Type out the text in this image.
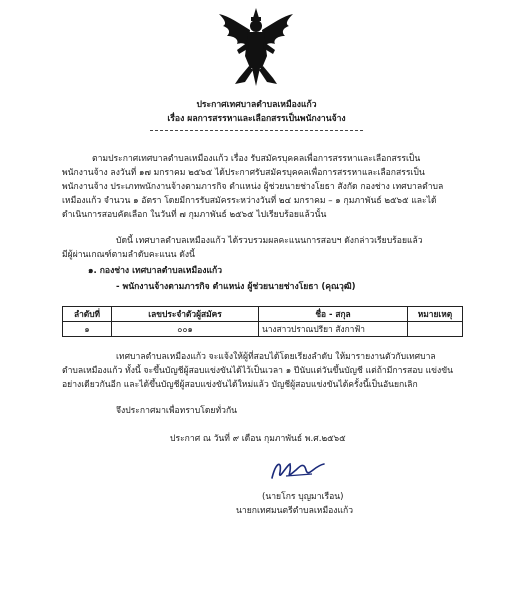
ประกาศเทศบาลตำบลเหมืองแก้ว
เรื่อง ผลการสรรหาและเลือกสรรเป็นพนักงานจ้าง
ตามประกาศเทศบาลตำบลเหมืองแก้ว เรื่อง รับสมัครบุคคลเพื่อการสรรหาและเลือกสรรเป็น
พนักงานจ้าง ลงวันที่ ๑๗ มกราคม ๒๕๖๕ ได้ประกาศรับสมัครบุคคลเพื่อการสรรหาและเลือกสรรเป็น
พนักงานจ้าง ประเภทพนักงานจ้างตามภารกิจ ตำแหน่ง ผู้ช่วยนายช่างโยธา สังกัด กองช่าง เทศบาลตำบล
เหมืองแก้ว จำนวน ๑ อัตรา โดยมีการรับสมัครระหว่างวันที่ ๒๔ มกราคม – ๑ กุมภาพันธ์ ๒๕๖๕ และได้
ดำเนินการสอบคัดเลือก ในวันที่ ๗ กุมภาพันธ์ ๒๕๖๕ ไปเรียบร้อยแล้วนั้น
บัดนี้ เทศบาลตำบลเหมืองแก้ว ได้รวบรวมผลคะแนนการสอบฯ ดังกล่าวเรียบร้อยแล้ว
มีผู้ผ่านเกณฑ์ตามลำดับคะแนน ดังนี้
๑. กองช่าง เทศบาลตำบลเหมืองแก้ว
- พนักงานจ้างตามภารกิจ ตำแหน่ง ผู้ช่วยนายช่างโยธา (คุณวุฒิ)
ลำดับที่	เลขประจำตัวผู้สมัคร	ชื่อ - สกุล	หมายเหตุ
๑	๐๐๑	นางสาวปราณปรียา สังกาฟ้า	
เทศบาลตำบลเหมืองแก้ว จะแจ้งให้ผู้ที่สอบได้โดยเรียงลำดับ ให้มารายงานตัวกับเทศบาล
ตำบลเหมืองแก้ว ทั้งนี้ จะขึ้นบัญชีผู้สอบแข่งขันได้ไว้เป็นเวลา ๑ ปีนับแต่วันขึ้นบัญชี แต่ถ้ามีการสอบ แข่งขัน
อย่างเดียวกันอีก และได้ขึ้นบัญชีผู้สอบแข่งขันได้ใหม่แล้ว บัญชีผู้สอบแข่งขันได้ครั้งนี้เป็นอันยกเลิก
จึงประกาศมาเพื่อทราบโดยทั่วกัน
ประกาศ ณ วันที่ ๙ เดือน กุมภาพันธ์ พ.ศ.๒๕๖๕
(นายโกร บุญมาเรือน)
นายกเทศมนตรีตำบลเหมืองแก้ว
